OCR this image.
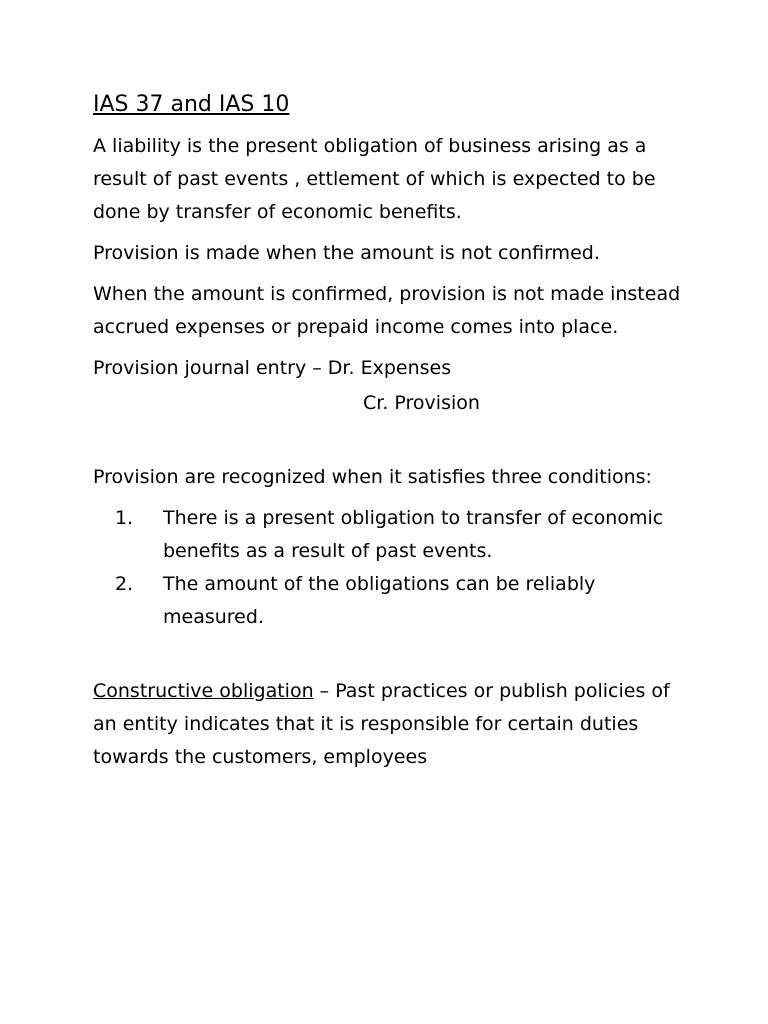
IAS 37 and IAS 10

A liability is the present obligation of business arising as a result of past events , ettlement of which is expected to be done by transfer of economic benefits.

Provision is made when the amount is not confirmed.

When the amount is confirmed, provision is not made instead accrued expenses or prepaid income comes into place.

Provision journal entry – Dr. Expenses

Cr. Provision

Provision are recognized when it satisfies three conditions:

1. There is a present obligation to transfer of economic benefits as a result of past events.
2. The amount of the obligations can be reliably measured.

Constructive obligation – Past practices or publish policies of an entity indicates that it is responsible for certain duties towards the customers, employees
